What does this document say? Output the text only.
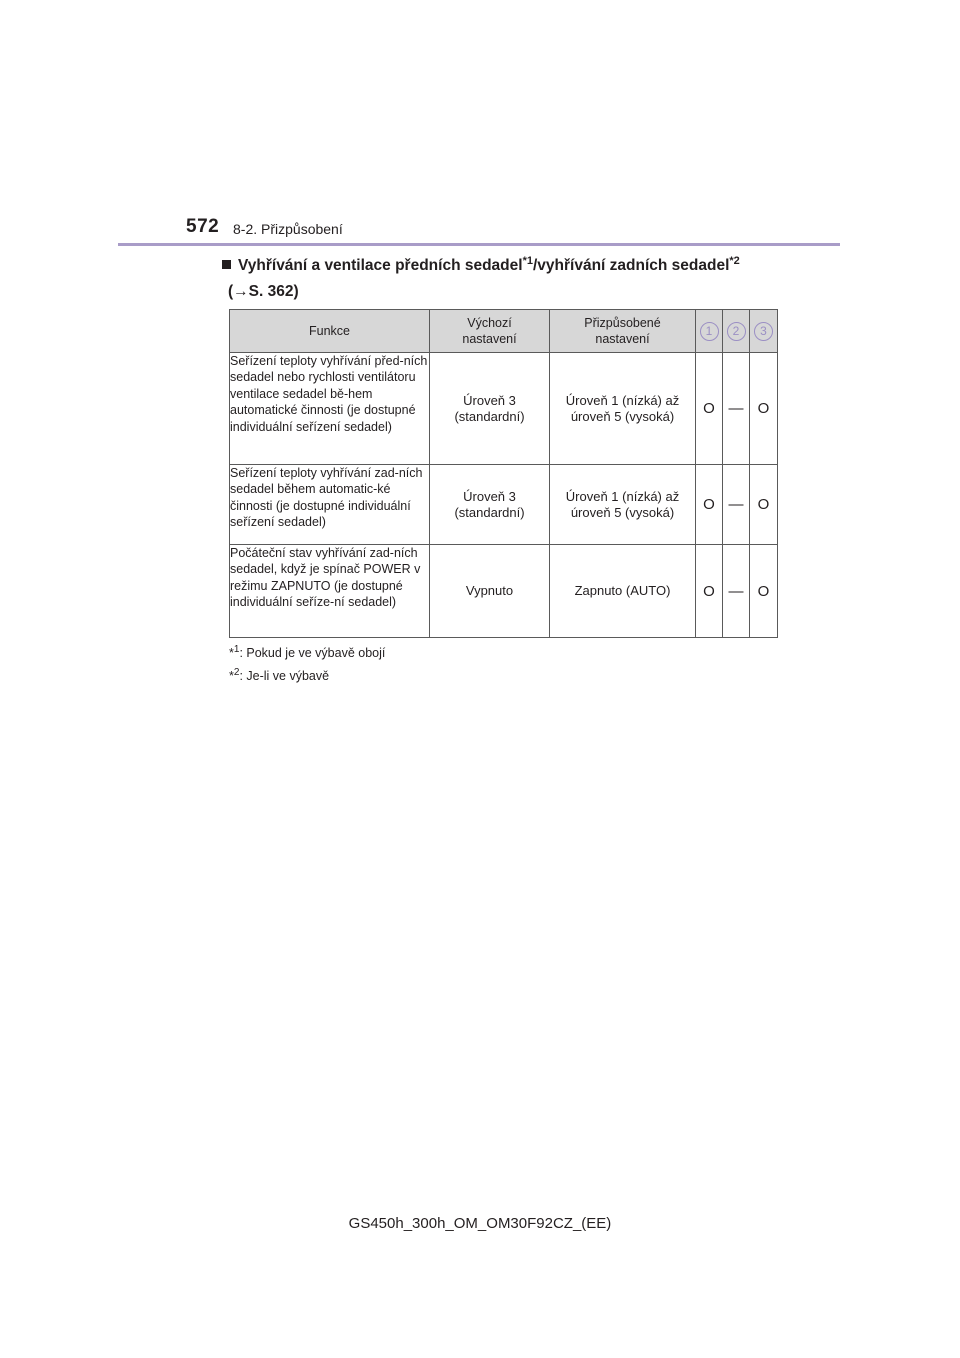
572 8-2. Přizpůsobení
Vyhřívání a ventilace předních sedadel$^{*1}$/vyhřívání zadních sedadel$^{*2}$
(→S. 362)
Funkce	Výchozí nastavení	Přizpůsobené nastavení	1	2	3
Seřízení teploty vyhřívání před-ních sedadel nebo rychlosti ventilátoru ventilace sedadel bě-hem automatické činnosti (je dostupné individuální seřízení sedadel)	Úroveň 3 (standardní)	Úroveň 1 (nízká) až úroveň 5 (vysoká)	O	—	O
Seřízení teploty vyhřívání zad-ních sedadel během automatic-ké činnosti (je dostupné individuální seřízení sedadel)	Úroveň 3 (standardní)	Úroveň 1 (nízká) až úroveň 5 (vysoká)	O	—	O
Počáteční stav vyhřívání zad-ních sedadel, když je spínač POWER v režimu ZAPNUTO (je dostupné individuální seříze-ní sedadel)	Vypnuto	Zapnuto (AUTO)	O	—	O
*$^1$: Pokud je ve výbavě obojí
*$^2$: Je-li ve výbavě
GS450h_300h_OM_OM30F92CZ_(EE)
